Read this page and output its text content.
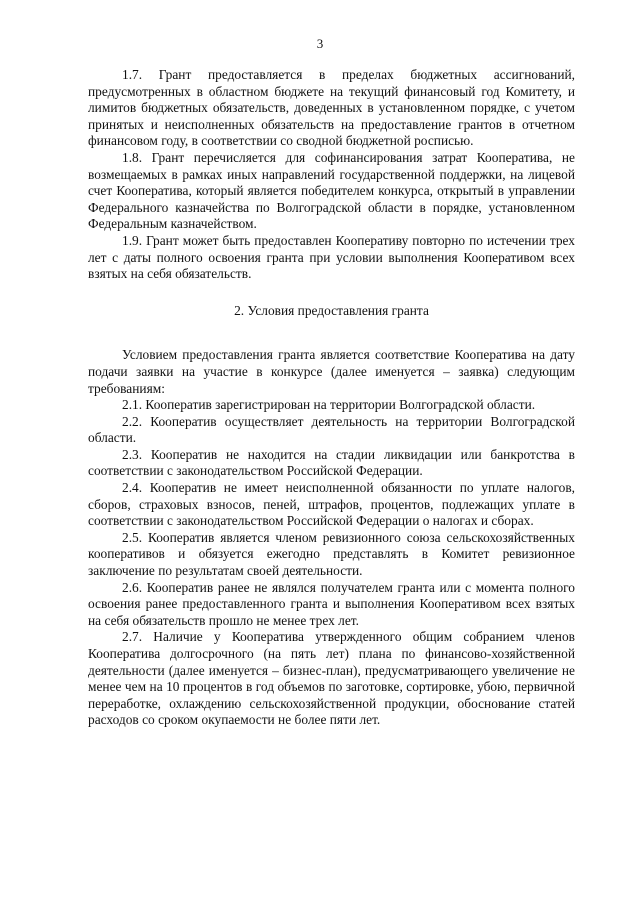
3

1.7. Грант предоставляется в пределах бюджетных ассигнований, предусмотренных в областном бюджете на текущий финансовый год Комитету, и лимитов бюджетных обязательств, доведенных в установленном порядке, с учетом принятых и неисполненных обязательств на предоставление грантов в отчетном финансовом году, в соответствии со сводной бюджетной росписью.

1.8. Грант перечисляется для софинансирования затрат Кооператива, не возмещаемых в рамках иных направлений государственной поддержки, на лицевой счет Кооператива, который является победителем конкурса, открытый в управлении Федерального казначейства по Волгоградской области в порядке, установленном Федеральным казначейством.

1.9. Грант может быть предоставлен Кооперативу повторно по истечении трех лет с даты полного освоения гранта при условии выполнения Кооперативом всех взятых на себя обязательств.

2. Условия предоставления гранта

Условием предоставления гранта является соответствие Кооператива на дату подачи заявки на участие в конкурсе (далее именуется – заявка) следующим требованиям:

2.1. Кооператив зарегистрирован на территории Волгоградской области.

2.2. Кооператив осуществляет деятельность на территории Волгоградской области.

2.3. Кооператив не находится на стадии ликвидации или банкротства в соответствии с законодательством Российской Федерации.

2.4. Кооператив не имеет неисполненной обязанности по уплате налогов, сборов, страховых взносов, пеней, штрафов, процентов, подлежащих уплате в соответствии с законодательством Российской Федерации о налогах и сборах.

2.5. Кооператив является членом ревизионного союза сельскохозяйственных кооперативов и обязуется ежегодно представлять в Комитет ревизионное заключение по результатам своей деятельности.

2.6. Кооператив ранее не являлся получателем гранта или с момента полного освоения ранее предоставленного гранта и выполнения Кооперативом всех взятых на себя обязательств прошло не менее трех лет.

2.7. Наличие у Кооператива утвержденного общим собранием членов Кооператива долгосрочного (на пять лет) плана по финансово-хозяйственной деятельности (далее именуется – бизнес-план), предусматривающего увеличение не менее чем на 10 процентов в год объемов по заготовке, сортировке, убою, первичной переработке, охлаждению сельскохозяйственной продукции, обоснование статей расходов со сроком окупаемости не более пяти лет.
